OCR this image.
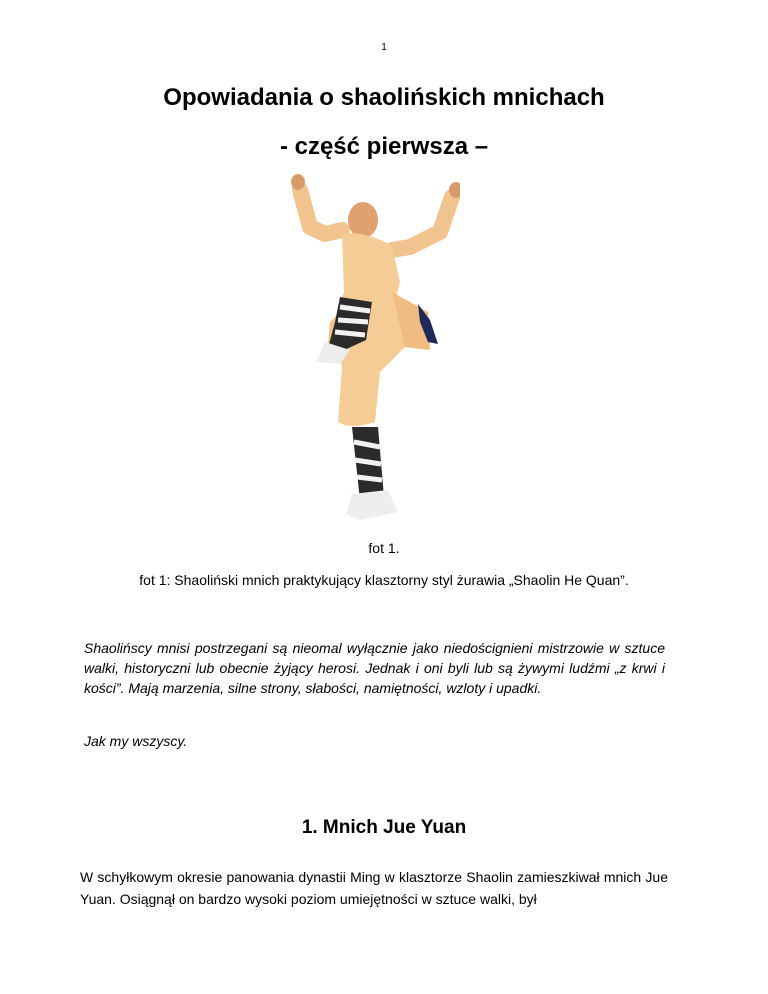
1
Opowiadania o shaolińskich mnichach
- część pierwsza –
fot 1.
fot 1: Shaoliński mnich praktykujący klasztorny styl żurawia „Shaolin He Quan”.

Shaolińscy mnisi postrzegani są nieomal wyłącznie jako niedoścignieni mistrzowie w sztuce walki, historyczni lub obecnie żyjący herosi. Jednak i oni byli lub są żywymi ludźmi „z krwi i kości”. Mają marzenia, silne strony, słabości, namiętności, wzloty i upadki.

Jak my wszyscy.

1. Mnich Jue Yuan

W schyłkowym okresie panowania dynastii Ming w klasztorze Shaolin zamieszkiwał mnich Jue Yuan. Osiągnął on bardzo wysoki poziom umiejętności w sztuce walki, był
